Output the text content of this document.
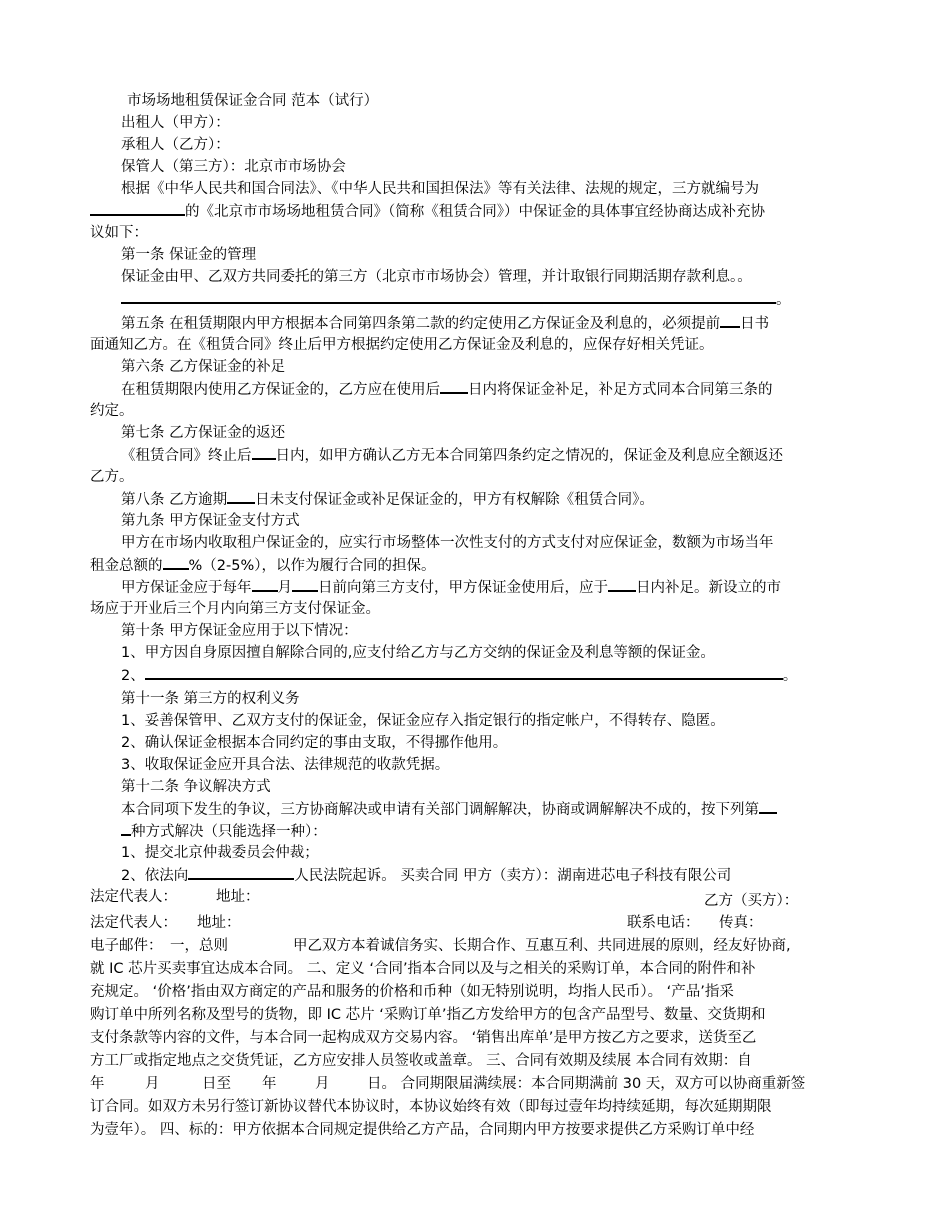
市场场地租赁保证金合同 范本（试行）
出租人（甲方）：
承租人（乙方）：
保管人（第三方）：北京市市场协会
根据《中华人民共和国合同法》、《中华人民共和国担保法》等有关法律、法规的规定，三方就编号为
的《北京市市场场地租赁合同》（简称《租赁合同》）中保证金的具体事宜经协商达成补充协
议如下：
第一条 保证金的管理
保证金由甲、乙双方共同委托的第三方（北京市市场协会）管理，并计取银行同期活期存款利息。。
。
第五条 在租赁期限内甲方根据本合同第四条第二款的约定使用乙方保证金及利息的，必须提前 日书
面通知乙方。在《租赁合同》终止后甲方根据约定使用乙方保证金及利息的，应保存好相关凭证。
第六条 乙方保证金的补足
在租赁期限内使用乙方保证金的，乙方应在使用后 日内将保证金补足，补足方式同本合同第三条的
约定。
第七条 乙方保证金的返还
《租赁合同》终止后 日内，如甲方确认乙方无本合同第四条约定之情况的，保证金及利息应全额返还
乙方。
第八条 乙方逾期 日未支付保证金或补足保证金的，甲方有权解除《租赁合同》。
第九条 甲方保证金支付方式
甲方在市场内收取租户保证金的，应实行市场整体一次性支付的方式支付对应保证金，数额为市场当年
租金总额的 %（2-5%），以作为履行合同的担保。
甲方保证金应于每年 月 日前向第三方支付，甲方保证金使用后，应于 日内补足。新设立的市
场应于开业后三个月内向第三方支付保证金。
第十条 甲方保证金应用于以下情况：
1、甲方因自身原因擅自解除合同的,应支付给乙方与乙方交纳的保证金及利息等额的保证金。
2、	。
第十一条 第三方的权利义务
1、妥善保管甲、乙双方支付的保证金，保证金应存入指定银行的指定帐户，不得转存、隐匿。
2、确认保证金根据本合同约定的事由支取，不得挪作他用。
3、收取保证金应开具合法、法律规范的收款凭据。
第十二条 争议解决方式
本合同项下发生的争议，三方协商解决或申请有关部门调解解决，协商或调解解决不成的，按下列第
种方式解决（只能选择一种）：
1、提交北京仲裁委员会仲裁；
2、依法向	人民法院起诉。 买卖合同 甲方（卖方）：湖南进芯电子科技有限公司
法定代表人：	地址：	乙方（买方）：
法定代表人： 地址：	联系电话： 传真：
电子邮件： 一，总则	甲乙双方本着诚信务实、长期合作、互惠互利、共同进展的原则，经友好协商,
就 IC 芯片买卖事宜达成本合同。 二、定义 ‘合同’指本合同以及与之相关的采购订单，本合同的附件和补
充规定。 ‘价格’指由双方商定的产品和服务的价格和币种（如无特别说明，均指人民币）。 ‘产品’指采
购订单中所列名称及型号的货物，即 IC 芯片 ‘采购订单’指乙方发给甲方的包含产品型号、数量、交货期和
支付条款等内容的文件，与本合同一起构成双方交易内容。 ‘销售出库单’是甲方按乙方之要求，送货至乙
方工厂或指定地点之交货凭证，乙方应安排人员签收或盖章。 三、合同有效期及续展 本合同有效期：自
年	月	日至 年	月	日。 合同期限届满续展：本合同期满前 30 天，双方可以协商重新签
订合同。如双方未另行签订新协议替代本协议时，本协议始终有效（即每过壹年均持续延期，每次延期期限
为壹年）。 四、标的：甲方依据本合同规定提供给乙方产品，合同期内甲方按要求提供乙方采购订单中经
